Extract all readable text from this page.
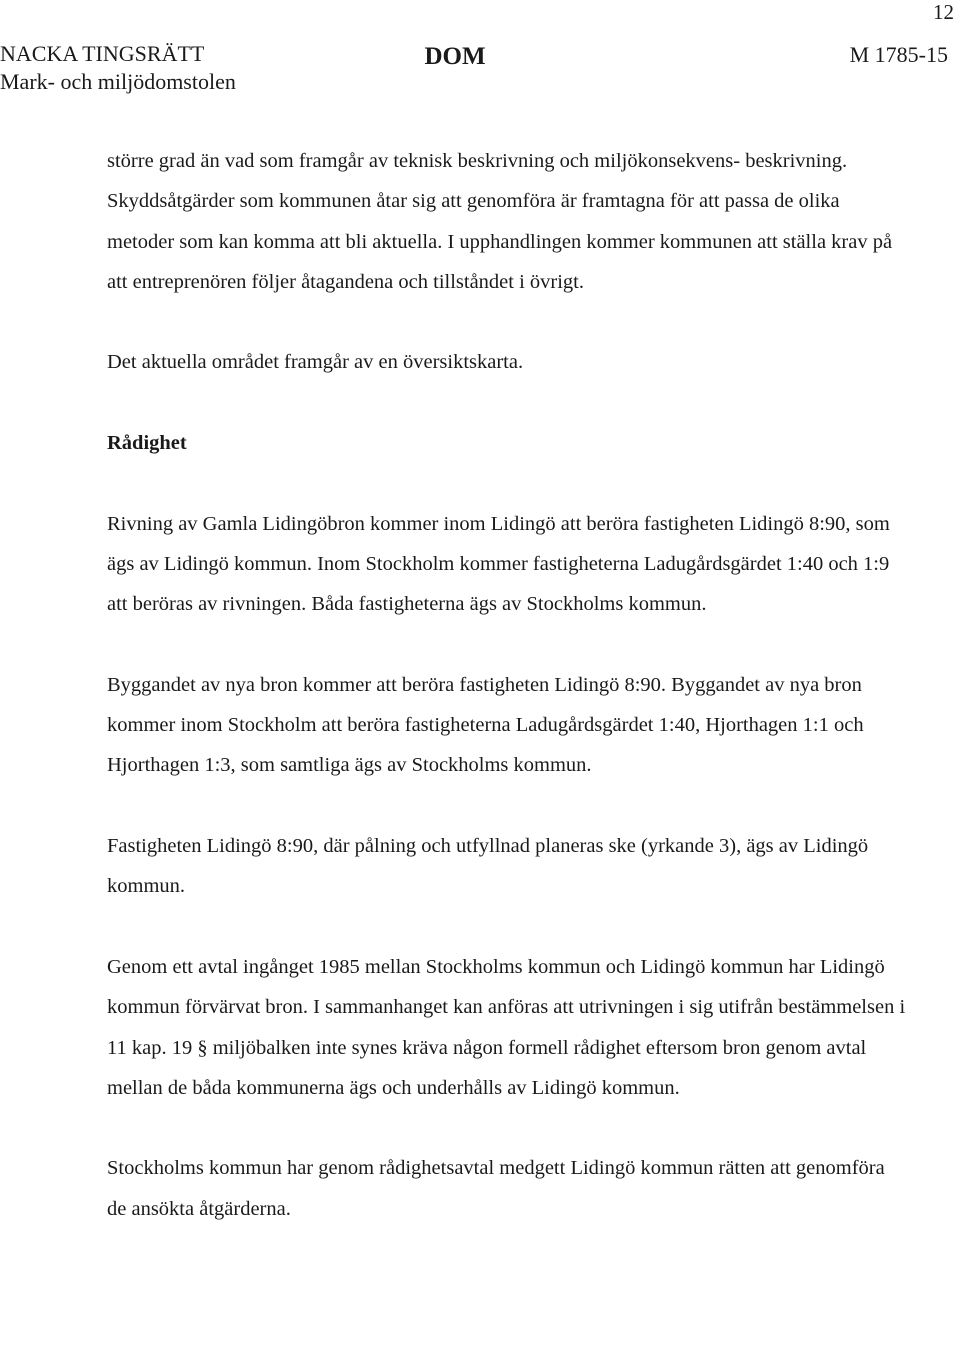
12
NACKA TINGSRÄTT
Mark- och miljödomstolen
DOM	M 1785-15

större grad än vad som framgår av teknisk beskrivning och miljökonsekvens- beskrivning. Skyddsåtgärder som kommunen åtar sig att genomföra är framtagna för att passa de olika metoder som kan komma att bli aktuella. I upphandlingen kommer kommunen att ställa krav på att entreprenören följer åtagandena och tillståndet i övrigt.

Det aktuella området framgår av en översiktskarta.

Rådighet

Rivning av Gamla Lidingöbron kommer inom Lidingö att beröra fastigheten Lidingö 8:90, som ägs av Lidingö kommun. Inom Stockholm kommer fastigheterna Ladugårdsgärdet 1:40 och 1:9 att beröras av rivningen. Båda fastigheterna ägs av Stockholms kommun.

Byggandet av nya bron kommer att beröra fastigheten Lidingö 8:90. Byggandet av nya bron kommer inom Stockholm att beröra fastigheterna Ladugårdsgärdet 1:40, Hjorthagen 1:1 och Hjorthagen 1:3, som samtliga ägs av Stockholms kommun.

Fastigheten Lidingö 8:90, där pålning och utfyllnad planeras ske (yrkande 3), ägs av Lidingö kommun.

Genom ett avtal ingånget 1985 mellan Stockholms kommun och Lidingö kommun har Lidingö kommun förvärvat bron. I sammanhanget kan anföras att utrivningen i sig utifrån bestämmelsen i 11 kap. 19 § miljöbalken inte synes kräva någon formell rådighet eftersom bron genom avtal mellan de båda kommunerna ägs och underhålls av Lidingö kommun.

Stockholms kommun har genom rådighetsavtal medgett Lidingö kommun rätten att genomföra de ansökta åtgärderna.
